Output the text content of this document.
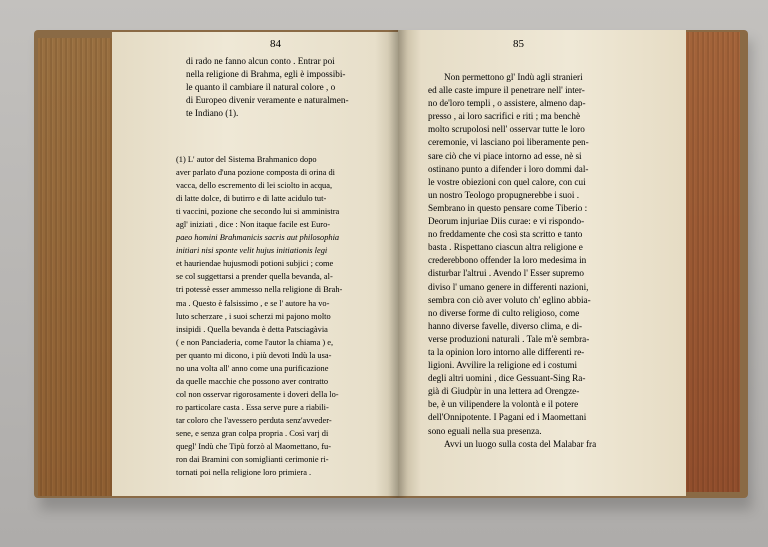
84	85
di rado ne fanno alcun conto . Entrar poi
nella religione di Brahma, egli è impossibi-
le quanto il cambiare il natural colore , o
di Europeo divenir veramente e naturalmen-
te Indiano (1).
(1) L' autor del Sistema Brahmanico dopo
aver parlato d'una pozione composta di orina di
vacca, dello escremento di lei sciolto in acqua,
di latte dolce, di butirro e di latte acidulo tut-
ti vaccini, pozione che secondo lui si amministra
agl' iniziati , dice : Non itaque facile est Euro-
paeo homini Brahmanicis sacris aut philosophia
initiari nisi sponte velit hujus initiationis legi
et hauriendae hujusmodi potioni subjici ; come
se col suggettarsi a prender quella bevanda, al-
tri potessè esser ammesso nella religione di Brah-
ma . Questo è falsissimo , e se l' autore ha vo-
luto scherzare , i suoi scherzi mi pajono molto
insipidi . Quella bevanda è detta Patsciagàvia
( e non Panciaderia, come l'autor la chiama ) e,
per quanto mi dicono, i più devoti Indù la usa-
no una volta all' anno come una purificazione
da quelle macchie che possono aver contratto
col non osservar rigorosamente i doveri della lo-
ro particolare casta . Essa serve pure a riabili-
tar coloro che l'avessero perduta senz'avveder-
sene, e senza gran colpa propria . Così varj di
quegl' Indù che Tipù forzò al Maomettano, fu-
ron dai Bramini con somiglianti cerimonie ri-
tornati poi nella religione loro primiera .
Non permettono gl' Indù agli stranieri
ed alle caste impure il penetrare nell' inter-
no de'loro templi , o assistere, almeno dap-
presso , ai loro sacrifici e riti ; ma benchè
molto scrupolosi nell' osservar tutte le loro
ceremonie, vi lasciano poi liberamente pen-
sare ciò che vi piace intorno ad esse, nè si
ostinano punto a difender i loro dommi dal-
le vostre obiezioni con quel calore, con cui
un nostro Teologo propugnerebbe i suoi .
Sembrano in questo pensare come Tiberio :
Deorum injuriae Diis curae: e vi rispondo-
no freddamente che così sta scritto e tanto
basta . Rispettano ciascun altra religione e
crederebbono offender la loro medesima in
disturbar l'altrui . Avendo l' Esser supremo
diviso l' umano genere in differenti nazioni,
sembra con ciò aver voluto ch' eglino abbia-
no diverse forme di culto religioso, come
hanno diverse favelle, diverso clima, e di-
verse produzioni naturali . Tale m'è sembra-
ta la opinion loro intorno alle differenti re-
ligioni. Avvilire la religione ed i costumi
degli altri uomini , dice Gessuant-Sing Ra-
già di Giudpùr in una lettera ad Orengze-
be, è un vilipendere la volontà e il potere
dell'Onnipotente. I Pagani ed i Maomettani
sono eguali nella sua presenza.
Avvi un luogo sulla costa del Malabar fra
